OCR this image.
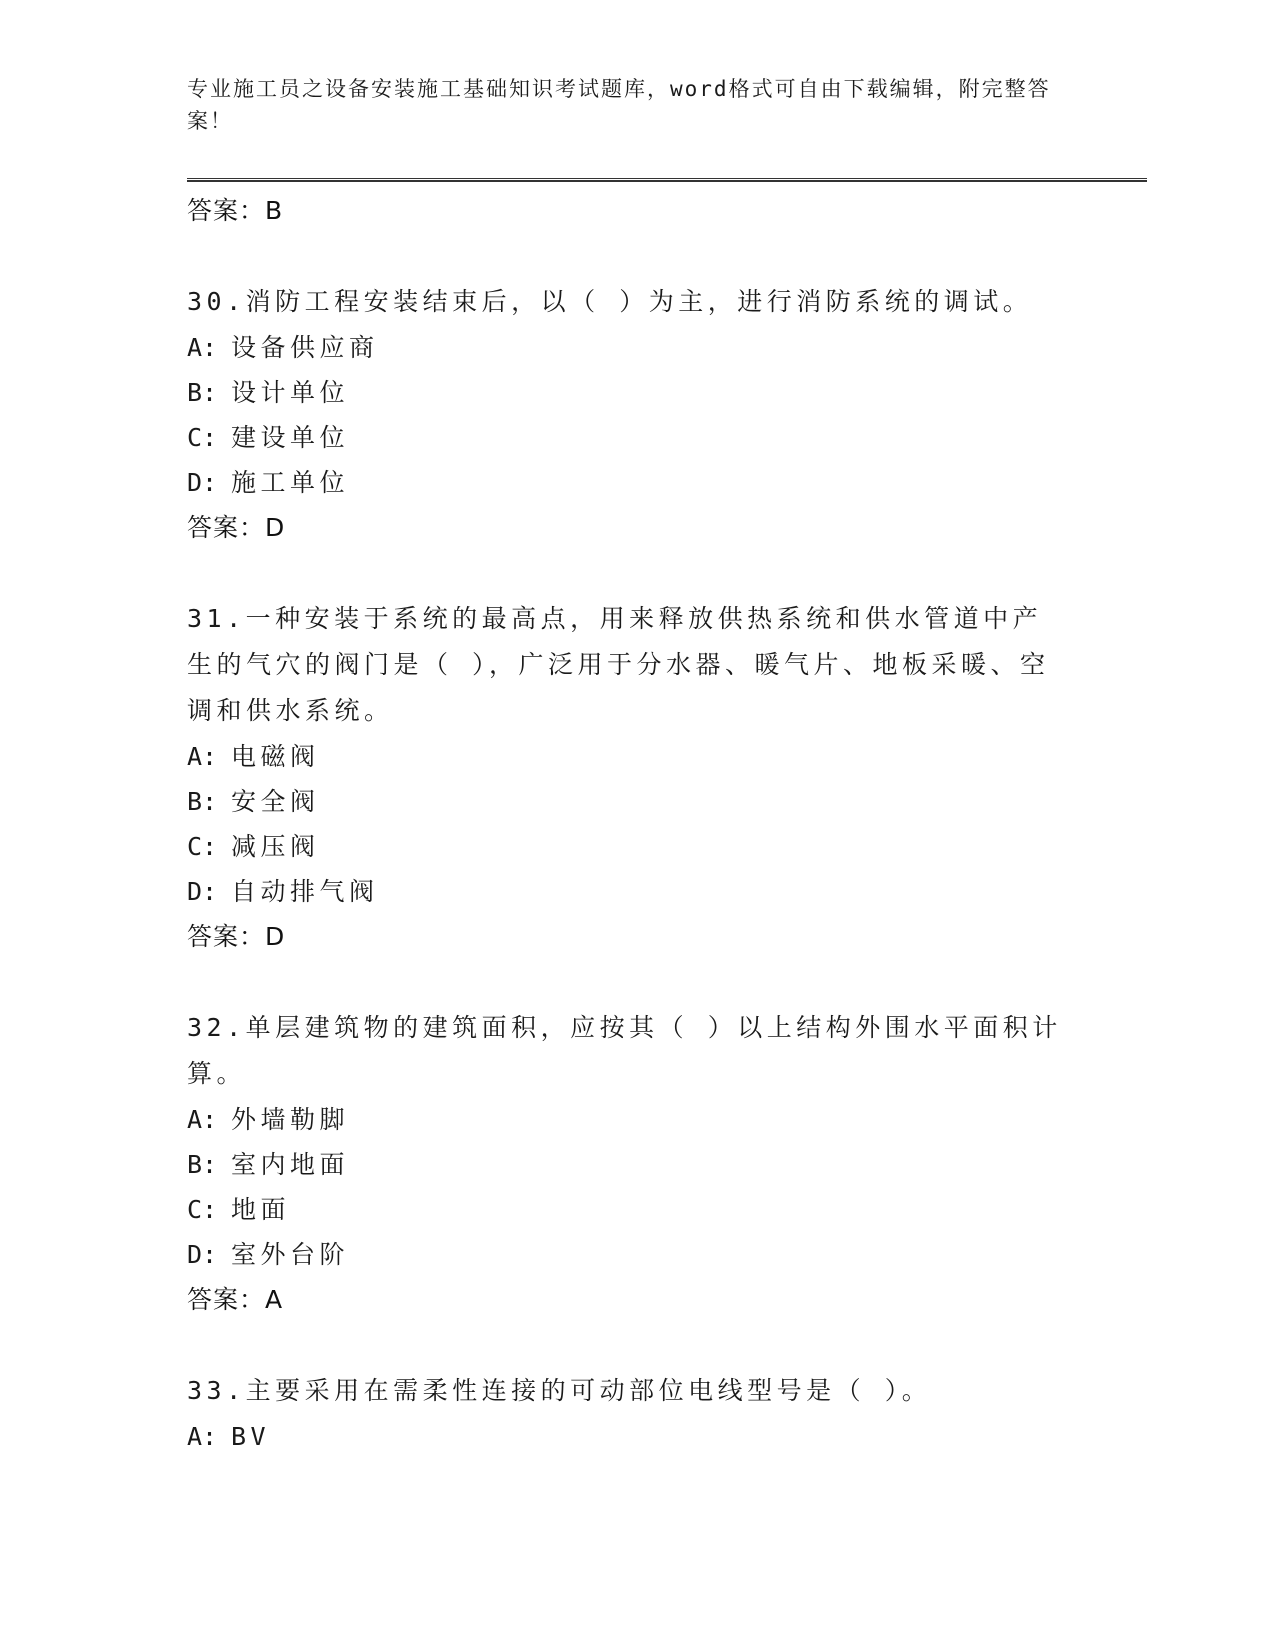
专业施工员之设备安装施工基础知识考试题库，word格式可自由下载编辑，附完整答案！
答案：B
30.消防工程安装结束后，以（ ）为主，进行消防系统的调试。
A: 设备供应商
B: 设计单位
C: 建设单位
D: 施工单位
答案：D
31.一种安装于系统的最高点，用来释放供热系统和供水管道中产生的气穴的阀门是（ ），广泛用于分水器、暖气片、地板采暖、空调和供水系统。
A: 电磁阀
B: 安全阀
C: 减压阀
D: 自动排气阀
答案：D
32.单层建筑物的建筑面积，应按其（ ）以上结构外围水平面积计算。
A: 外墙勒脚
B: 室内地面
C: 地面
D: 室外台阶
答案：A
33.主要采用在需柔性连接的可动部位电线型号是（ ）。
A: BV
